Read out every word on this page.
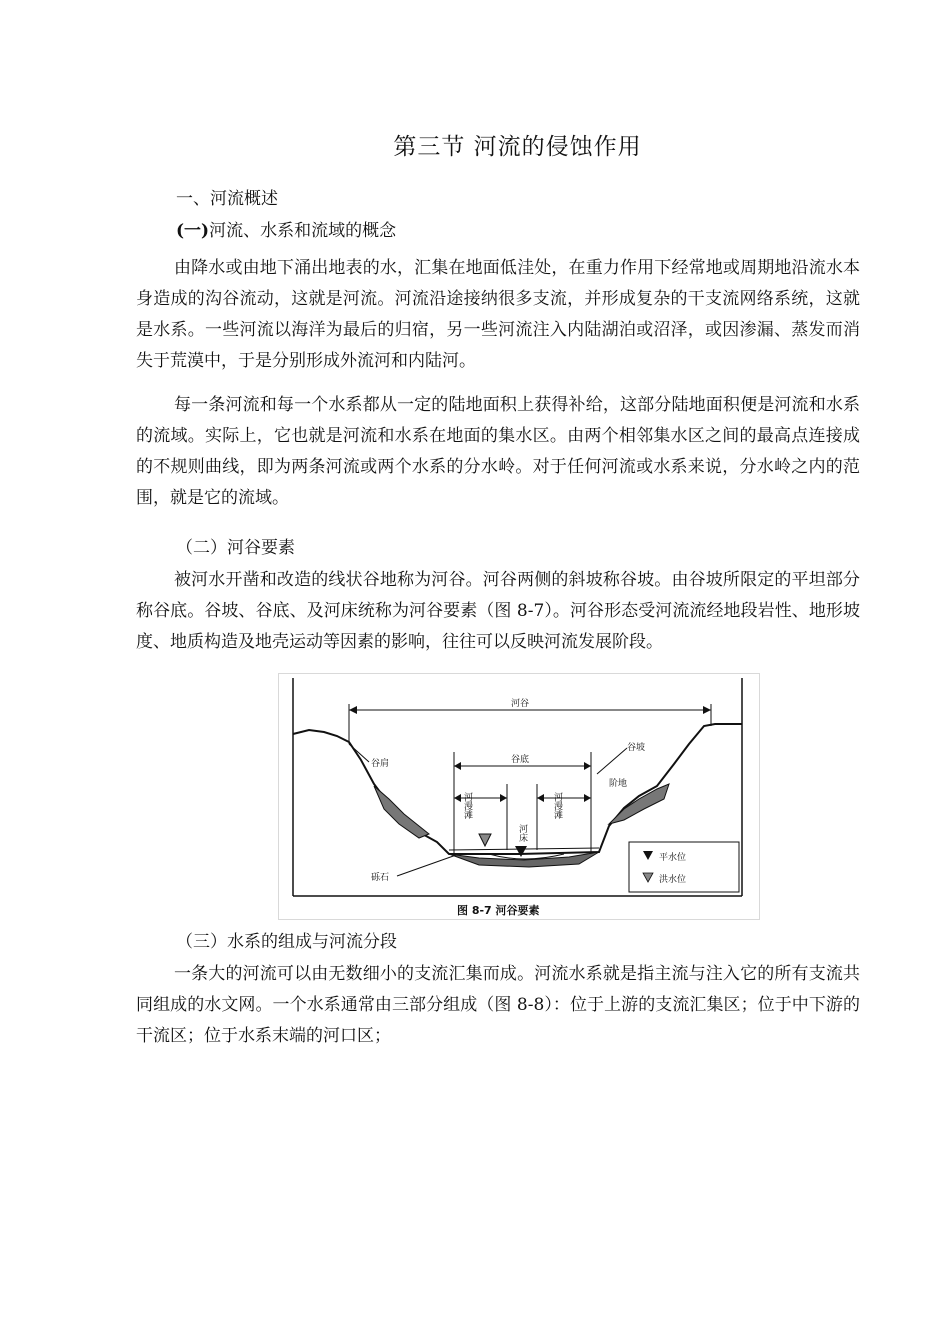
第三节 河流的侵蚀作用
一、河流概述
(一)河流、水系和流域的概念

由降水或由地下涌出地表的水，汇集在地面低洼处，在重力作用下经常地或周期地沿流水本身造成的沟谷流动，这就是河流。河流沿途接纳很多支流，并形成复杂的干支流网络系统，这就是水系。一些河流以海洋为最后的归宿，另一些河流注入内陆湖泊或沼泽，或因渗漏、蒸发而消失于荒漠中，于是分别形成外流河和内陆河。

每一条河流和每一个水系都从一定的陆地面积上获得补给，这部分陆地面积便是河流和水系的流域。实际上，它也就是河流和水系在地面的集水区。由两个相邻集水区之间的最高点连接成的不规则曲线，即为两条河流或两个水系的分水岭。对于任何河流或水系来说，分水岭之内的范围，就是它的流域。

（二）河谷要素

被河水开凿和改造的线状谷地称为河谷。河谷两侧的斜坡称谷坡。由谷坡所限定的平坦部分称谷底。谷坡、谷底、及河床统称为河谷要素（图 8-7）。河谷形态受河流流经地段岩性、地形坡度、地质构造及地壳运动等因素的影响，往往可以反映河流发展阶段。

河谷
谷底
河漫滩	河漫滩
河床
谷肩
谷坡
阶地
砾石
平水位
洪水位
图 8-7 河谷要素
（三）水系的组成与河流分段

一条大的河流可以由无数细小的支流汇集而成。河流水系就是指主流与注入它的所有支流共同组成的水文网。一个水系通常由三部分组成（图 8-8）：位于上游的支流汇集区；位于中下游的干流区；位于水系末端的河口区；
